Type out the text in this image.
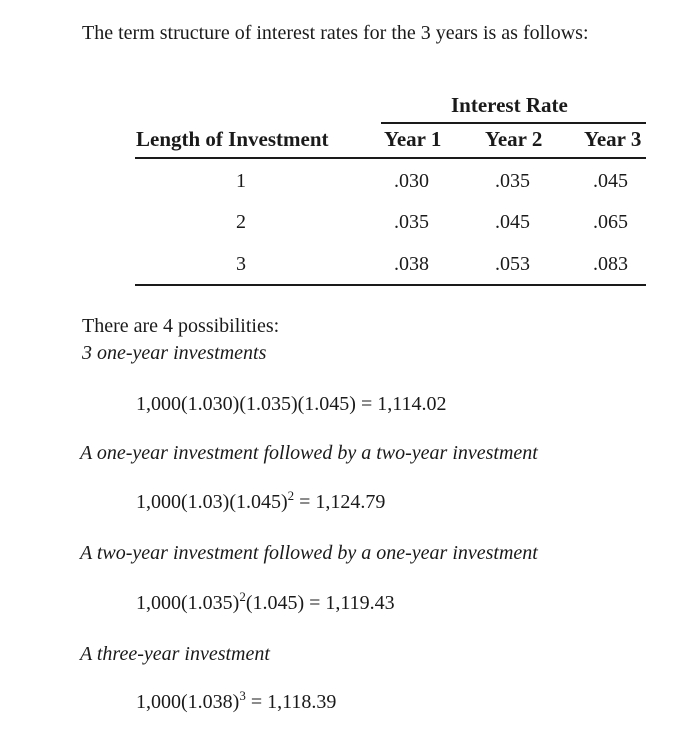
The term structure of interest rates for the 3 years is as follows:
Interest Rate
Length of Investment	Year 1 Year 2 Year 3
1	.030	.035	.045
2	.035	.045	.065
3	.038	.053	.083
There are 4 possibilities:
3 one-year investments
1,000(1.030)(1.035)(1.045) = 1,114.02
A one-year investment followed by a two-year investment
$1,000(1.03)(1.045)^2 = 1,124.79$
A two-year investment followed by a one-year investment
$1,000(1.035)^2(1.045) = 1,119.43$
A three-year investment
$1,000(1.038)^3 = 1,118.39$
